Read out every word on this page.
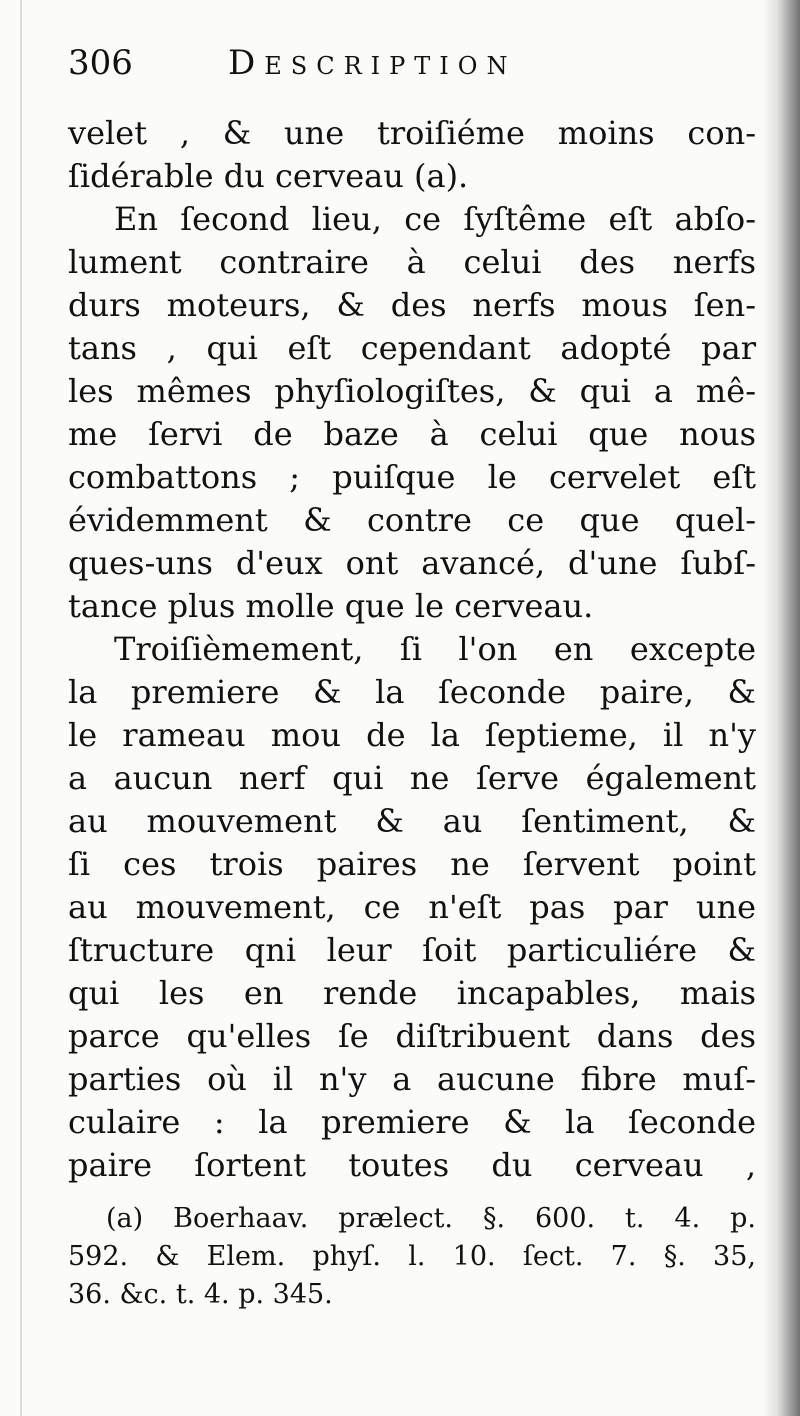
306	Description
velet , & une troiſiéme moins con-
ſidérable du cerveau (a).
En ſecond lieu, ce ſyſtême eſt abſo-
lument contraire à celui des nerfs
durs moteurs, & des nerfs mous ſen-
tans , qui eſt cependant adopté par
les mêmes phyſiologiſtes, & qui a mê-
me ſervi de baze à celui que nous
combattons ; puiſque le cervelet eſt
évidemment & contre ce que quel-
ques-uns d'eux ont avancé, d'une ſubſ-
tance plus molle que le cerveau.
Troiſièmement, ſi l'on en excepte
la premiere & la ſeconde paire, &
le rameau mou de la ſeptieme, il n'y
a aucun nerf qui ne ſerve également
au mouvement & au ſentiment, &
ſi ces trois paires ne ſervent point
au mouvement, ce n'eſt pas par une
ſtructure qni leur ſoit particuliére &
qui les en rende incapables, mais
parce qu'elles ſe diſtribuent dans des
parties où il n'y a aucune fibre muſ-
culaire : la premiere & la ſeconde
paire ſortent toutes du cerveau ,
(a) Boerhaav. prælect. §. 600. t. 4. p.
592. & Elem. phyſ. l. 10. ſect. 7. §. 35,
36. &c. t. 4. p. 345.
